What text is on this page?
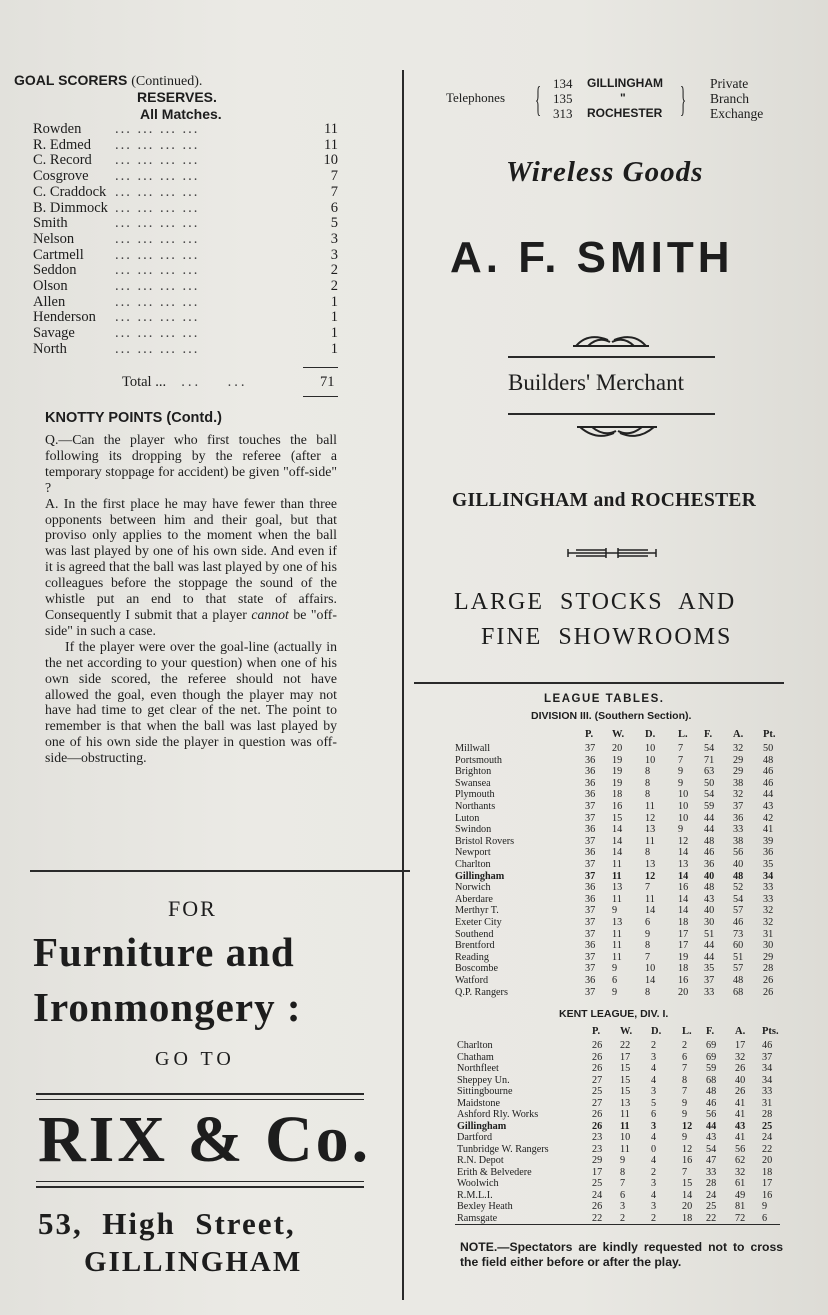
GOAL SCORERS (Continued).
RESERVES.
All Matches.
Rowden ... ... ... ...	11
R. Edmed ... ... ... ...	11
C. Record ... ... ... ...	10
Cosgrove ... ... ... ...	7
C. Craddock ... ... ... ...	7
B. Dimmock ... ... ... ...	6
Smith	... ... ... ...	5
Nelson	... ... ... ...	3
Cartmell ... ... ... ...	3
Seddon	... ... ... ...	2
Olson	... ... ... ...	2
Allen	... ... ... ...	1
Henderson ... ... ... ...	1
Savage	... ... ... ...	1
North	... ... ... ...	1
Total ... ...    ...	71
KNOTTY POINTS (Contd.)

Q.—Can the player who first touches the ball following its dropping by the referee (after a temporary stoppage for accident) be given "off-side" ?

A. In the first place he may have fewer than three opponents between him and their goal, but that proviso only applies to the moment when the ball was last played by one of his own side. And even if it is agreed that the ball was last played by one of his colleagues before the stoppage the sound of the whistle put an end to that state of affairs. Consequently I submit that a player cannot be "off-side" in such a case.

If the player were over the goal-line (actually in the net according to your question) when one of his own side scored, the referee should not have allowed the goal, even though the player may not have had time to get clear of the net. The point to remember is that when the ball was last played by one of his own side the player in question was off-side—obstructing.

FOR
Furniture and
Ironmongery :
GO TO
RIX & Co.
53,  High  Street,
GILLINGHAM
Telephones { 134 GILLINGHAM
135	"
313 ROCHESTER } Private
Branch
Exchange
Wireless Goods
A. F. SMITH
Builders' Merchant
GILLINGHAM and ROCHESTER
LARGE  STOCKS  AND
FINE  SHOWROOMS
LEAGUE TABLES.
DIVISION III. (Southern Section).
P. W. D. L. F. A. Pt.
Millwall	37 20 10 7 54 32 50
Portsmouth	36 19 10 7 71 29 48
Brighton	36 19 8	9 63 29 46
Swansea	36 19 8	9 50 38 46
Plymouth	36 18 8	10 54 32 44
Northants	37 16 11 10 59 37 43
Luton	37 15 12 10 44 36 42
Swindon	36 14 13 9 44 33 41
Bristol Rovers	37 14 11 12 48 38 39
Newport	36 14 8	14 46 56 36
Charlton	37 11 13 13 36 40 35
Gillingham	37 11 12 14 40 48 34
Norwich	36 13 7	16 48 52 33
Aberdare	36 11 11 14 43 54 33
Merthyr T.	37 9	14 14 40 57 32
Exeter City	37 13 6	18 30 46 32
Southend	37 11 9	17 51 73 31
Brentford	36 11 8	17 44 60 30
Reading	37 11 7	19 44 51 29
Boscombe	37 9	10 18 35 57 28
Watford	36 6	14 16 37 48 26
Q.P. Rangers	37 9	8	20 33 68 26
KENT LEAGUE, DIV. I.
P. W. D. L. F. A. Pts.
Charlton	26 22 2	2 69 17 46
Chatham	26 17 3	6 69 32 37
Northfleet	26 15 4	7 59 26 34
Sheppey Un.	27 15 4	8 68 40 34
Sittingbourne	25 15 3	7 48 26 33
Maidstone	27 13 5	9 46 41 31
Ashford Rly. Works	26 11 6	9 56 41 28
Gillingham	26 11 3	12 44 43 25
Dartford	23 10 4	9 43 41 24
Tunbridge W. Rangers	23 11 0	12 54 56 22
R.N. Depot	29 9	4	16 47 62 20
Erith & Belvedere	17 8	2	7 33 32 18
Woolwich	25 7	3	15 28 61 17
R.M.L.I.	24 6	4	14 24 49 16
Bexley Heath	26 3	3	20 25 81 9
Ramsgate	22 2	2	18 22 72 6
NOTE.—Spectators are kindly requested not to cross the field either before or after the play.
